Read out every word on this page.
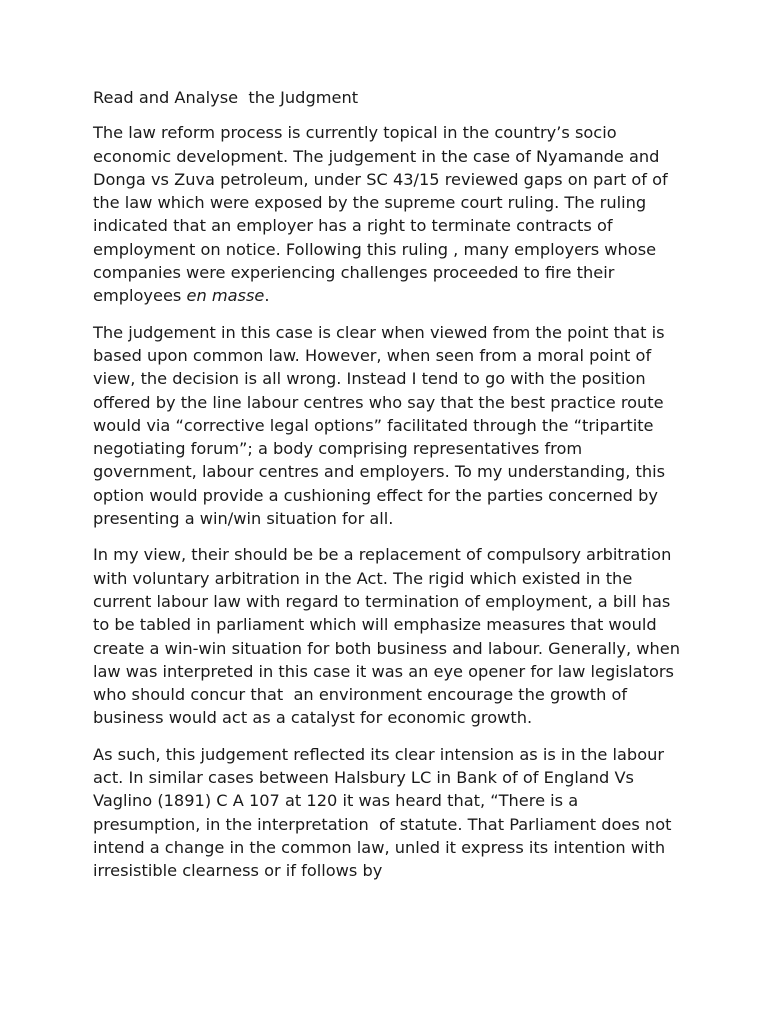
Read and Analyse  the Judgment

The law reform process is currently topical in the country’s socio economic development. The judgement in the case of Nyamande and Donga vs Zuva petroleum, under SC 43/15 reviewed gaps on part of of the law which were exposed by the supreme court ruling. The ruling indicated that an employer has a right to terminate contracts of employment on notice. Following this ruling , many employers whose companies were experiencing challenges proceeded to fire their employees en masse.

The judgement in this case is clear when viewed from the point that is based upon common law. However, when seen from a moral point of view, the decision is all wrong. Instead I tend to go with the position offered by the line labour centres who say that the best practice route would via “corrective legal options” facilitated through the “tripartite negotiating forum”; a body comprising representatives from government, labour centres and employers. To my understanding, this option would provide a cushioning effect for the parties concerned by presenting a win/win situation for all.

In my view, their should be be a replacement of compulsory arbitration with voluntary arbitration in the Act. The rigid which existed in the current labour law with regard to termination of employment, a bill has to be tabled in parliament which will emphasize measures that would create a win-win situation for both business and labour. Generally, when law was interpreted in this case it was an eye opener for law legislators who should concur that  an environment encourage the growth of business would act as a catalyst for economic growth.

As such, this judgement reflected its clear intension as is in the labour act. In similar cases between Halsbury LC in Bank of of England Vs Vaglino (1891) C A 107 at 120 it was heard that, “There is a presumption, in the interpretation  of statute. That Parliament does not intend a change in the common law, unled it express its intention with irresistible clearness or if follows by
